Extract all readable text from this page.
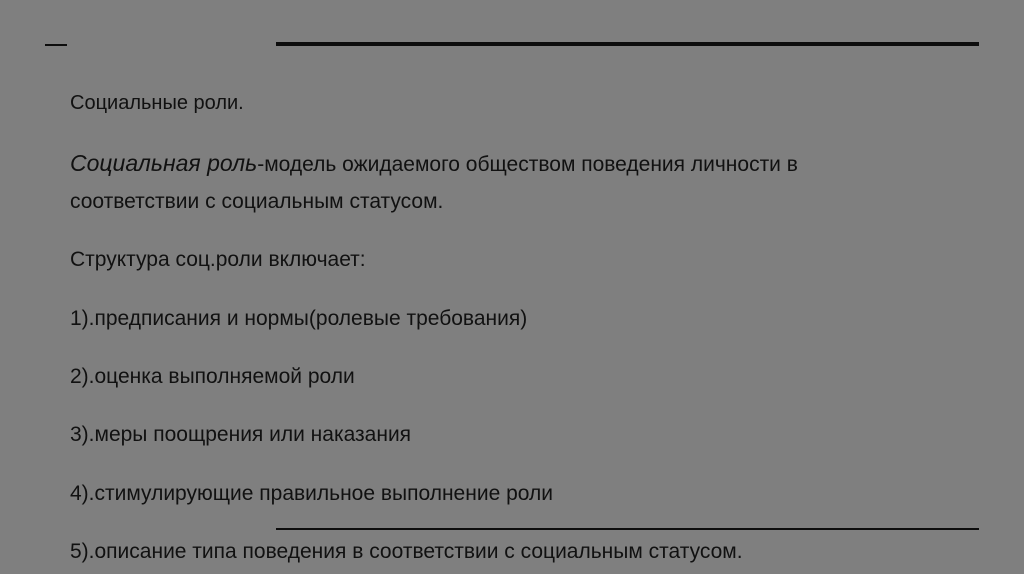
Социальные роли.

Социальная роль-модель ожидаемого обществом поведения личности в

соответствии с социальным статусом.

Структура соц.роли включает:

1).предписания и нормы(ролевые требования)

2).оценка выполняемой роли

3).меры поощрения или наказания

4).стимулирующие правильное выполнение роли

5).описание типа поведения в соответствии с социальным статусом.
